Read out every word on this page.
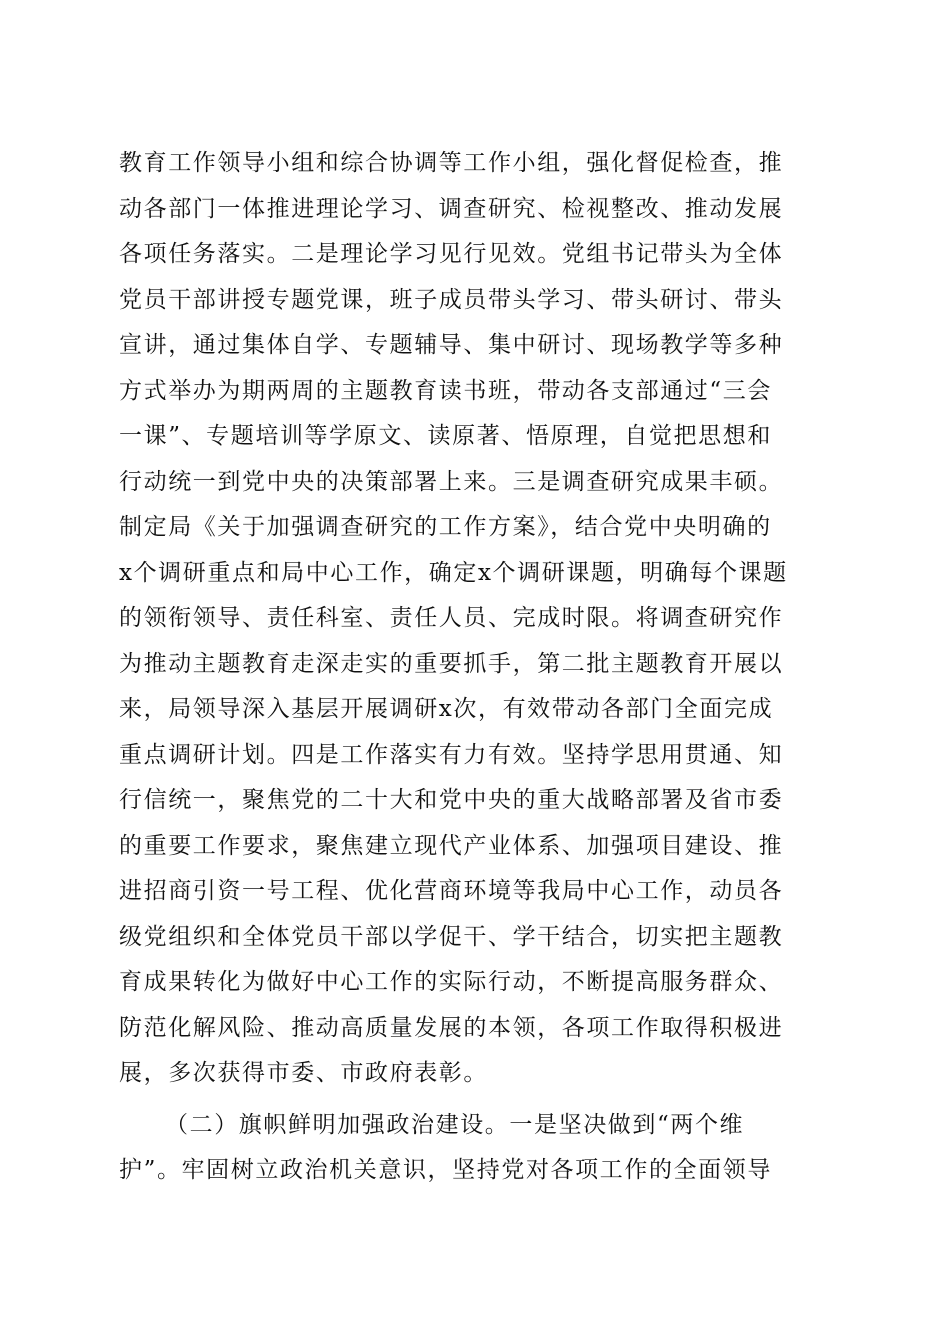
教育工作领导小组和综合协调等工作小组，强化督促检查，推
动各部门一体推进理论学习、调查研究、检视整改、推动发展
各项任务落实。二是理论学习见行见效。党组书记带头为全体
党员干部讲授专题党课，班子成员带头学习、带头研讨、带头
宣讲，通过集体自学、专题辅导、集中研讨、现场教学等多种
方式举办为期两周的主题教育读书班，带动各支部通过“三会
一课”、专题培训等学原文、读原著、悟原理，自觉把思想和
行动统一到党中央的决策部署上来。三是调查研究成果丰硕。
制定局《关于加强调查研究的工作方案》，结合党中央明确的
x个调研重点和局中心工作，确定x个调研课题，明确每个课题
的领衔领导、责任科室、责任人员、完成时限。将调查研究作
为推动主题教育走深走实的重要抓手，第二批主题教育开展以
来，局领导深入基层开展调研x次，有效带动各部门全面完成
重点调研计划。四是工作落实有力有效。坚持学思用贯通、知
行信统一，聚焦党的二十大和党中央的重大战略部署及省市委
的重要工作要求，聚焦建立现代产业体系、加强项目建设、推
进招商引资一号工程、优化营商环境等我局中心工作，动员各
级党组织和全体党员干部以学促干、学干结合，切实把主题教
育成果转化为做好中心工作的实际行动，不断提高服务群众、
防范化解风险、推动高质量发展的本领，各项工作取得积极进
展，多次获得市委、市政府表彰。
（二）旗帜鲜明加强政治建设。一是坚决做到“两个维
护”。牢固树立政治机关意识，坚持党对各项工作的全面领导
